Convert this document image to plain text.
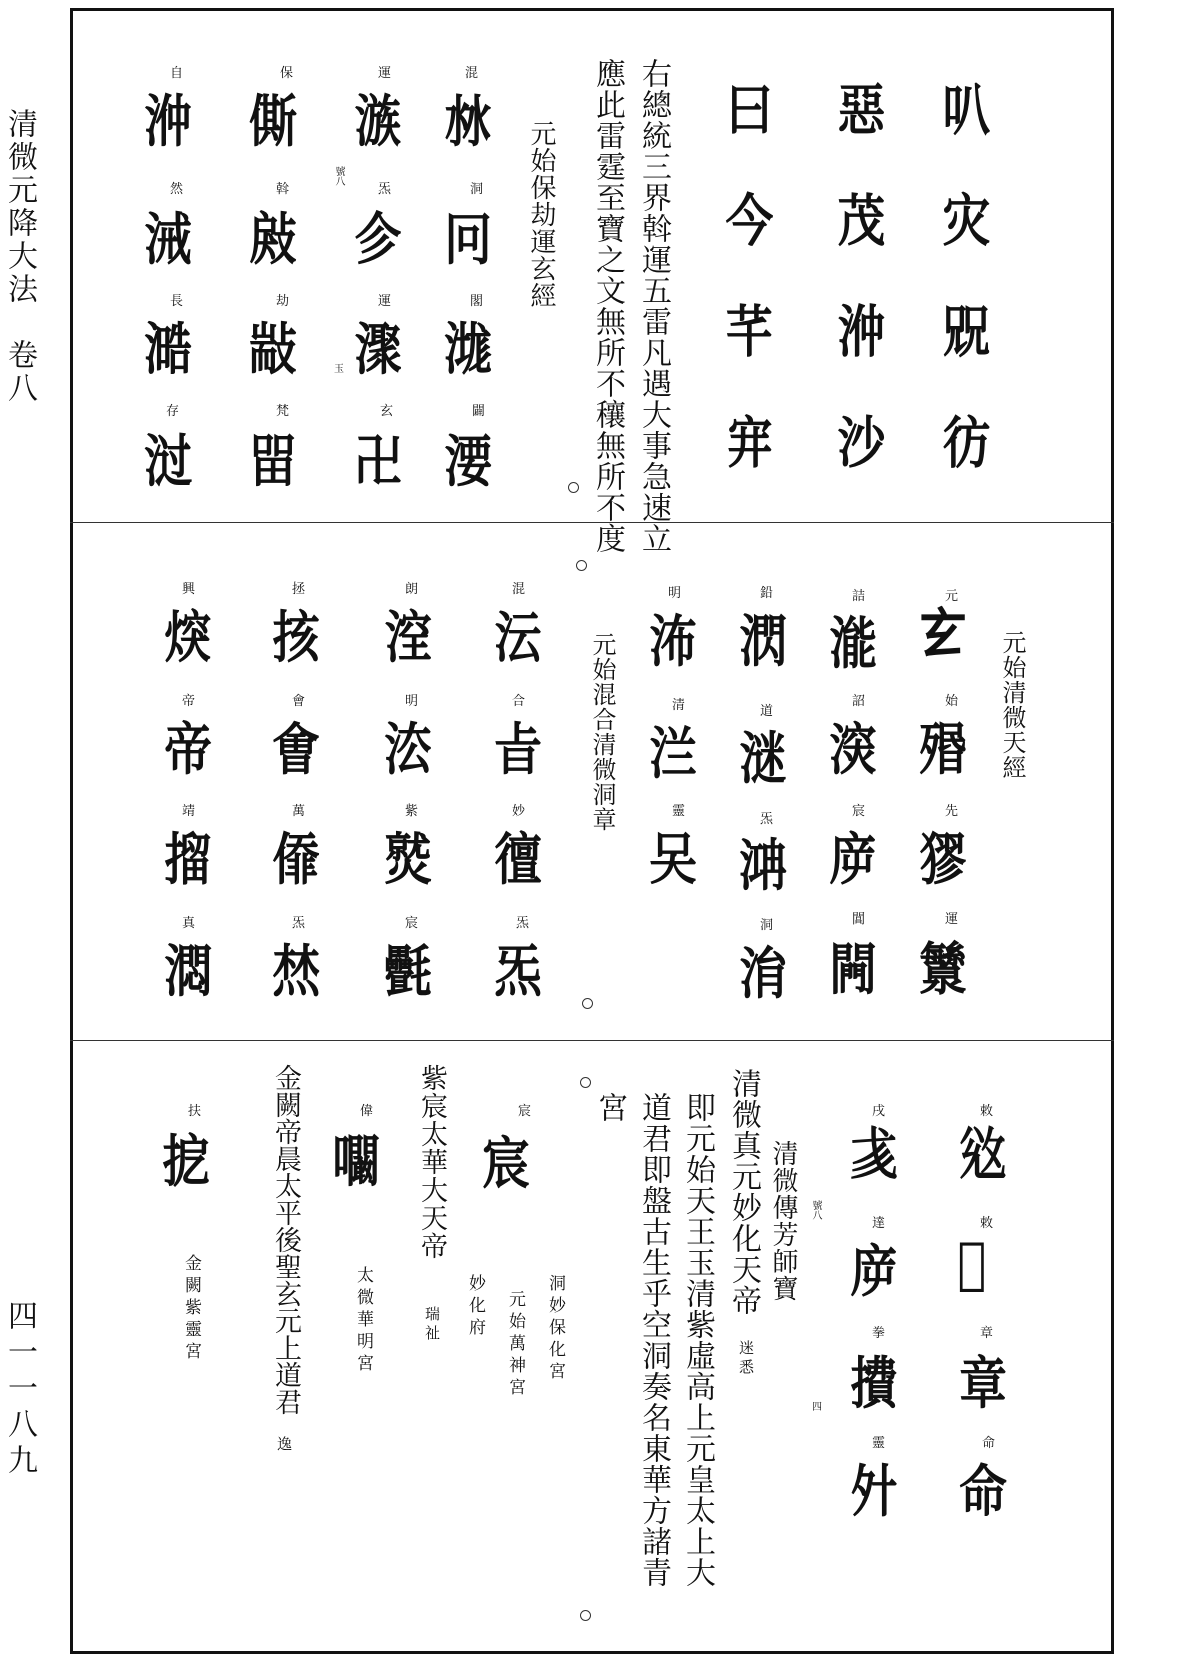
清微元降大法　卷八
四一一八九
叭灾㒭彷
惡茂㳞沙
曰今芊宑
右總統三界斡運五雷凡遇大事急速立
應此雷霆至寶之文無所不穰無所不度
元始保劫運玄經
混
沝
洞
冋
閣
㴳
闢
㴗
運
㵀
炁
㐱
運
㵵
玄
卍
保
㒋
斡
㪐
劫
㪜
梵
㽞
自
㳞
然
㳦
長
㵆
存
㳡
號八
玉
元始清微天經
元始混合清微洞章
元
𤣥
始
㱪
先
㺒
運
㶗
詰
㴰
詔
㴱
宸
㡿
閶
闁
鉛
㴸
道
㴹
炁
㴂
洞
㳙
明
㳍
清
㳕
靈
㕦
混
沄
合
㫖
妙
㣶
炁
炁
朗
㴏
明
㳒
紫
𤎼
宸
㲲
拯
㧡
會
㑹
萬
㒎
炁
㷊
興
㷝
帝
帝
靖
㨨
真
㵍
敕
𢼠
敕
𢿱
章
章
命
命
戌
𢦑
達
㡿
拳
㩌
靈
㚈
清微傳芳師寶 號八
四
清微真元妙化天帝
迷悉
即元始天王玉清紫虛高上元皇太上大
道君即盤古生乎空洞奏名東華方諸青
宮
洞妙保化宮
元始萬神宮
妙化府
宸
宸
紫宸太華大天帝
瑞祉
太微華明宮
偉
㘚
金闕帝晨太平後聖玄元上道君
逸
扶
㧖
金闕紫靈宮
